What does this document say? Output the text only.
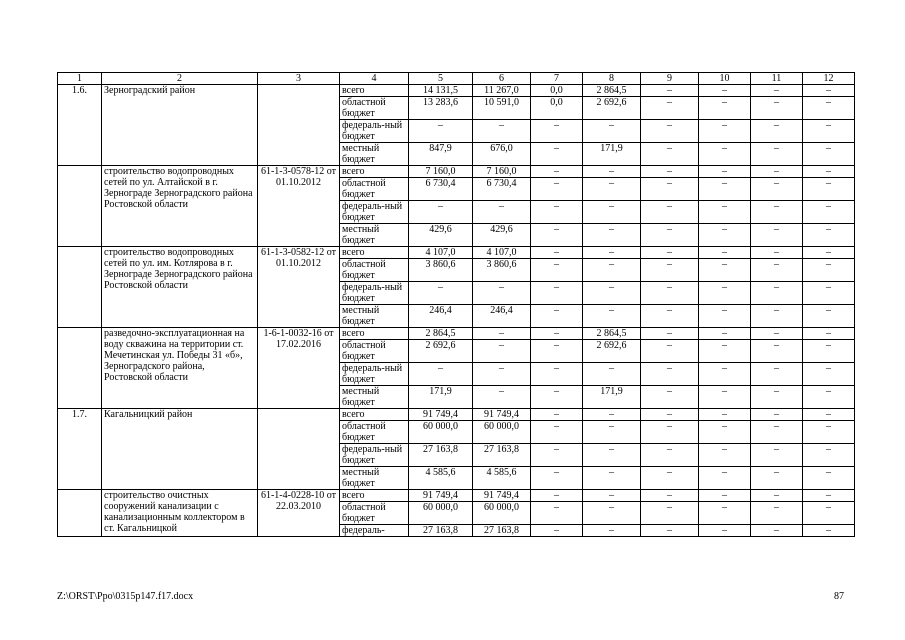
1	2	3	4	5	6	7	8	9	10	11	12
1.6.	Зерноградский район		всего	14 131,5	11 267,0	0,0	2 864,5	–	–	–	–
			областной бюджет	13 283,6	10 591,0	0,0	2 692,6	–	–	–	–
			федераль-ный бюджет	–	–	–	–	–	–	–	–
			местный бюджет	847,9	676,0	–	171,9	–	–	–	–
	строительство водопроводных сетей по ул. Алтайской в г. Зернограде Зерноградского района Ростовской области	61-1-3-0578-12 от 01.10.2012	всего	7 160,0	7 160,0	–	–	–	–	–	–
			областной бюджет	6 730,4	6 730,4	–	–	–	–	–	–
			федераль-ный бюджет	–	–	–	–	–	–	–	–
			местный бюджет	429,6	429,6	–	–	–	–	–	–
	строительство водопроводных сетей по ул. им. Котлярова в г. Зернограде Зерноградского района Ростовской области	61-1-3-0582-12 от 01.10.2012	всего	4 107,0	4 107,0	–	–	–	–	–	–
			областной бюджет	3 860,6	3 860,6	–	–	–	–	–	–
			федераль-ный бюджет	–	–	–	–	–	–	–	–
			местный бюджет	246,4	246,4	–	–	–	–	–	–
	разведочно-эксплуатационная на воду скважина на территории ст. Мечетинская ул. Победы 31 «б», Зерноградского района, Ростовской области	1-6-1-0032-16 от 17.02.2016	всего	2 864,5	–	–	2 864,5	–	–	–	–
			областной бюджет	2 692,6	–	–	2 692,6	–	–	–	–
			федераль-ный бюджет	–	–	–	–	–	–	–	–
			местный бюджет	171,9	–	–	171,9	–	–	–	–
1.7.	Кагальницкий район		всего	91 749,4	91 749,4	–	–	–	–	–	–
			областной бюджет	60 000,0	60 000,0	–	–	–	–	–	–
			федераль-ный бюджет	27 163,8	27 163,8	–	–	–	–	–	–
			местный бюджет	4 585,6	4 585,6	–	–	–	–	–	–
	строительство очистных сооружений канализации с канализационным коллектором в ст. Кагальницкой	61-1-4-0228-10 от 22.03.2010	всего	91 749,4	91 749,4	–	–	–	–	–	–
			областной бюджет	60 000,0	60 000,0	–	–	–	–	–	–
			федераль-	27 163,8	27 163,8	–	–	–	–	–	–
Z:\ORST\Ppo\0315p147.f17.docx	87
